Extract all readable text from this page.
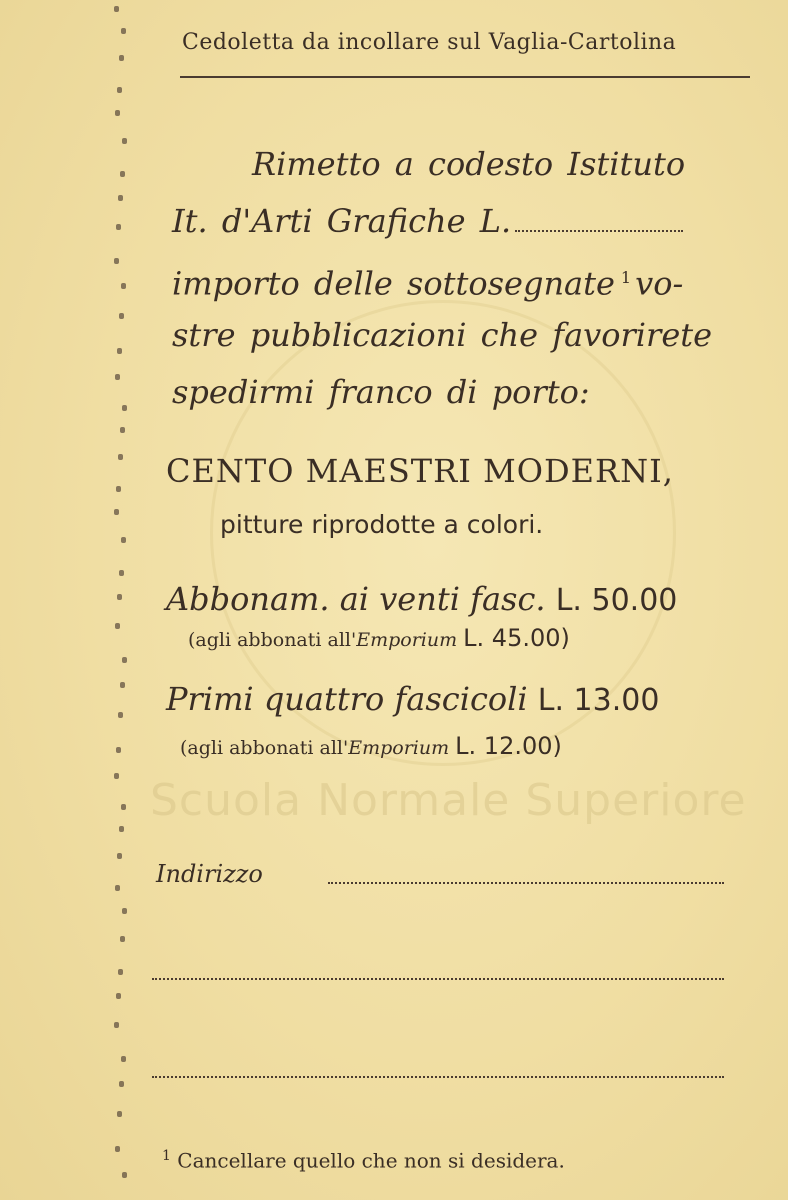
Scuola Normale Superiore
Cedoletta da incollare sul Vaglia-Cartolina
Rimetto a codesto Istituto
It. d'Arti Grafiche L.
importo delle sottosegnate $^1$ vo-
stre pubblicazioni che favorirete
spedirmi franco di porto:
CENTO MAESTRI MODERNI,
pitture riprodotte a colori.
Abbonam. ai venti fasc. L. 50.00
(agli abbonati all'Emporium L. 45.00)
Primi quattro fascicoli L. 13.00
(agli abbonati all'Emporium L. 12.00)
Indirizzo
$^1$ Cancellare quello che non si desidera.
